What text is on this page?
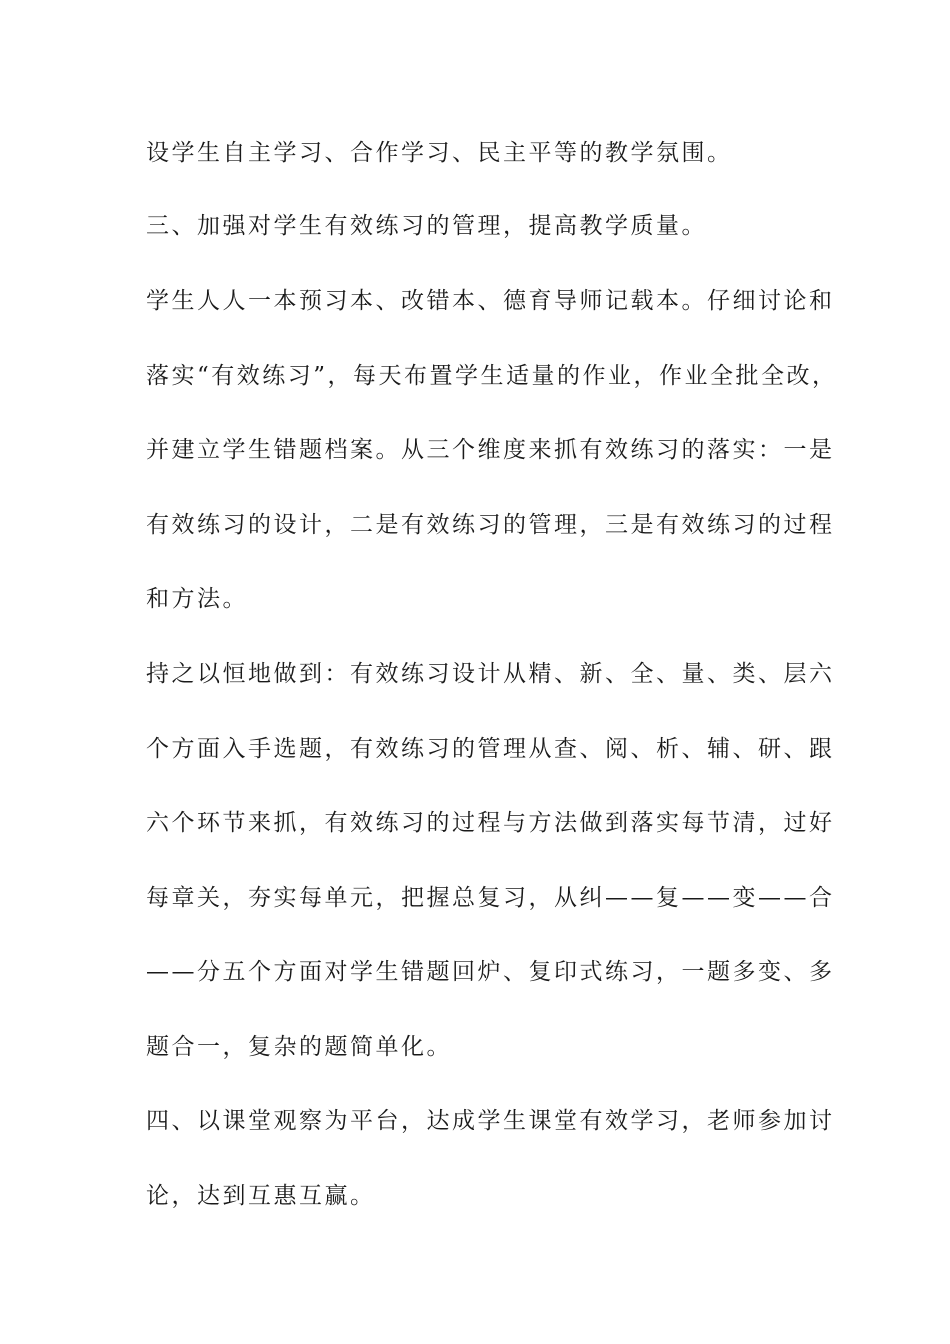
设学生自主学习、合作学习、民主平等的教学氛围。

三、加强对学生有效练习的管理，提高教学质量。

学生人人一本预习本、改错本、德育导师记载本。仔细讨论和

落实“有效练习”，每天布置学生适量的作业，作业全批全改，

并建立学生错题档案。从三个维度来抓有效练习的落实：一是

有效练习的设计，二是有效练习的管理，三是有效练习的过程

和方法。

持之以恒地做到：有效练习设计从精、新、全、量、类、层六

个方面入手选题，有效练习的管理从查、阅、析、辅、研、跟

六个环节来抓，有效练习的过程与方法做到落实每节清，过好

每章关，夯实每单元，把握总复习，从纠——复——变——合

——分五个方面对学生错题回炉、复印式练习，一题多变、多

题合一，复杂的题简单化。

四、以课堂观察为平台，达成学生课堂有效学习，老师参加讨

论，达到互惠互赢。
